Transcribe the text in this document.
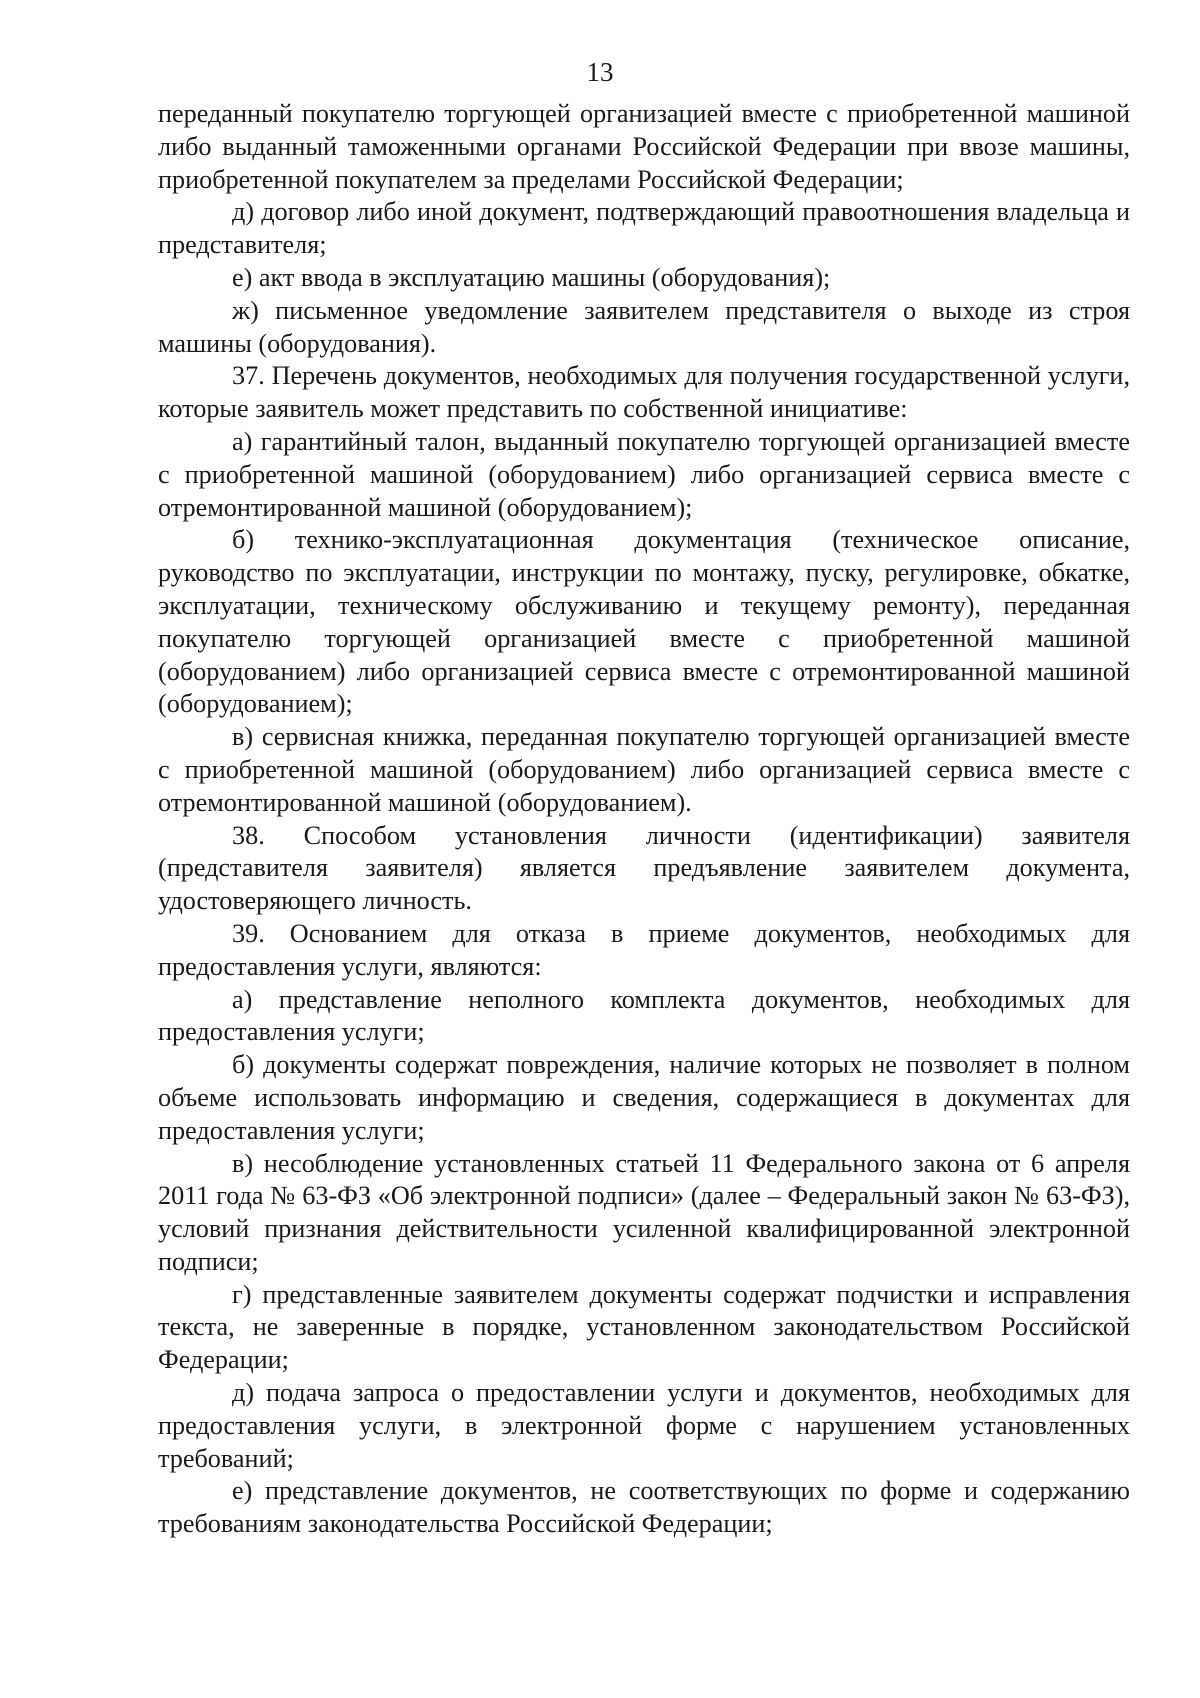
13

переданный покупателю торгующей организацией вместе с приобретенной машиной либо выданный таможенными органами Российской Федерации при ввозе машины, приобретенной покупателем за пределами Российской Федерации;

д) договор либо иной документ, подтверждающий правоотношения владельца и представителя;

е) акт ввода в эксплуатацию машины (оборудования);

ж) письменное уведомление заявителем представителя о выходе из строя машины (оборудования).

37. Перечень документов, необходимых для получения государственной услуги, которые заявитель может представить по собственной инициативе:

а) гарантийный талон, выданный покупателю торгующей организацией вместе с приобретенной машиной (оборудованием) либо организацией сервиса вместе с отремонтированной машиной (оборудованием);

б) технико-эксплуатационная документация (техническое описание, руководство по эксплуатации, инструкции по монтажу, пуску, регулировке, обкатке, эксплуатации, техническому обслуживанию и текущему ремонту), переданная покупателю торгующей организацией вместе с приобретенной машиной (оборудованием) либо организацией сервиса вместе с отремонтированной машиной (оборудованием);

в) сервисная книжка, переданная покупателю торгующей организацией вместе с приобретенной машиной (оборудованием) либо организацией сервиса вместе с отремонтированной машиной (оборудованием).

38. Способом установления личности (идентификации) заявителя (представителя заявителя) является предъявление заявителем документа, удостоверяющего личность.

39. Основанием для отказа в приеме документов, необходимых для предоставления услуги, являются:

а) представление неполного комплекта документов, необходимых для предоставления услуги;

б) документы содержат повреждения, наличие которых не позволяет в полном объеме использовать информацию и сведения, содержащиеся в документах для предоставления услуги;

в) несоблюдение установленных статьей 11 Федерального закона от 6 апреля 2011 года № 63-ФЗ «Об электронной подписи» (далее – Федеральный закон № 63-ФЗ), условий признания действительности усиленной квалифицированной электронной подписи;

г) представленные заявителем документы содержат подчистки и исправления текста, не заверенные в порядке, установленном законодательством Российской Федерации;

д) подача запроса о предоставлении услуги и документов, необходимых для предоставления услуги, в электронной форме с нарушением установленных требований;

е) представление документов, не соответствующих по форме и содержанию требованиям законодательства Российской Федерации;
